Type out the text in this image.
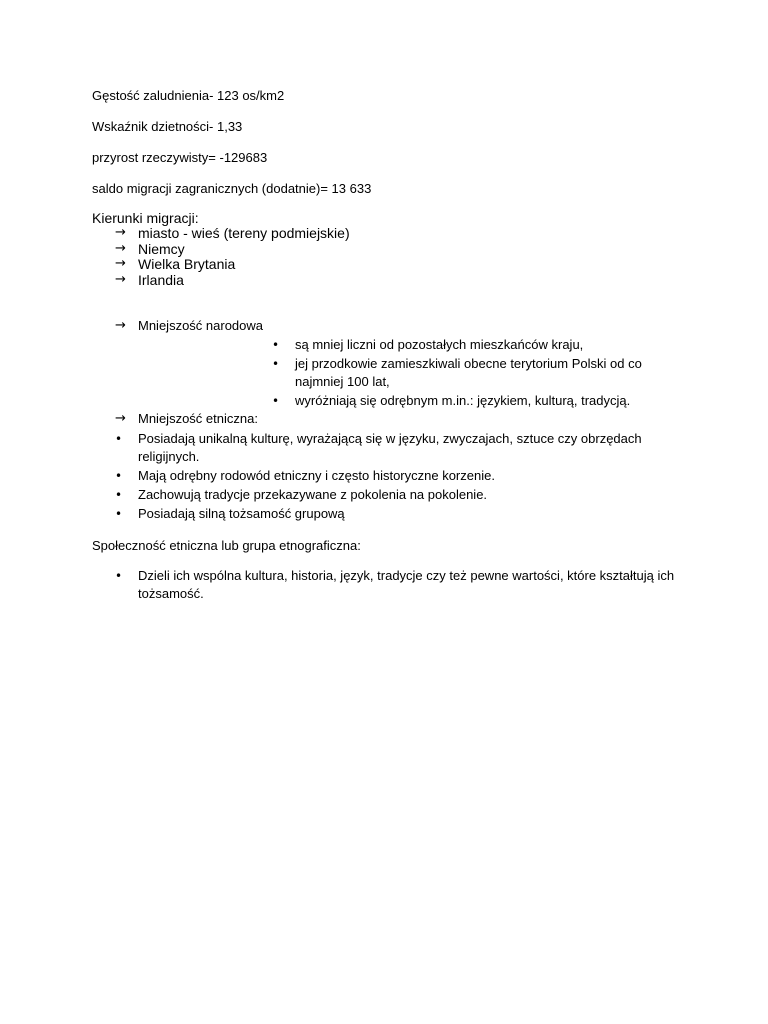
Gęstość zaludnienia- 123 os/km2
Wskaźnik dzietności- 1,33
przyrost rzeczywisty= -129683
saldo migracji zagranicznych (dodatnie)= 13 633
Kierunki migracji:
→ miasto - wieś (tereny podmiejskie)
→ Niemcy
→ Wielka Brytania
→ Irlandia
→ Mniejszość narodowa
• są mniej liczni od pozostałych mieszkańców kraju,
• jej przodkowie zamieszkiwali obecne terytorium Polski od co najmniej 100 lat,
• wyróżniają się odrębnym m.in.: językiem, kulturą, tradycją.
→ Mniejszość etniczna:
• Posiadają unikalną kulturę, wyrażającą się w języku, zwyczajach, sztuce czy obrzędach religijnych.
• Mają odrębny rodowód etniczny i często historyczne korzenie.
• Zachowują tradycje przekazywane z pokolenia na pokolenie.
• Posiadają silną tożsamość grupową
Społeczność etniczna lub grupa etnograficzna:
• Dzieli ich wspólna kultura, historia, język, tradycje czy też pewne wartości, które kształtują ich tożsamość.
